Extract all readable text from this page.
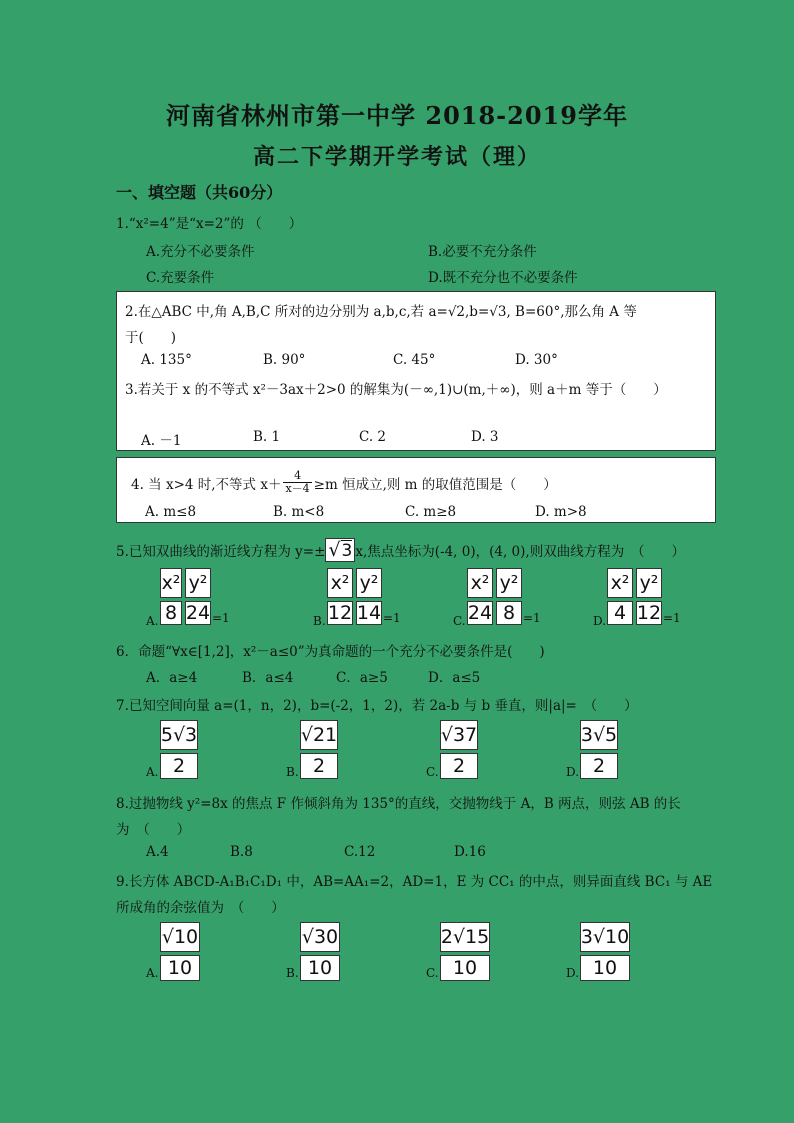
河南省林州市第一中学 2018-2019学年
高二下学期开学考试（理）
一、填空题（共60分）
1.“x²=4”是“x=2”的 （　　）
A.充分不必要条件	B.必要不充分条件
C.充要条件	D.既不充分也不必要条件
2.在△ABC 中,角 A,B,C 所对的边分别为 a,b,c,若 a=√2,b=√3, B=60°,那么角 A 等
于(　　)
A. 135°	B. 90°	C. 45°	D. 30°
3.若关于 x 的不等式 x²－3ax＋2>0 的解集为(－∞,1)∪(m,＋∞)，则 a＋m 等于（　　）
A. －1	B. 1	C. 2	D. 3
4. 当 x>4 时,不等式 $x+ \frac{4}{x-4} \ge m$ 恒成立,则 m 的取值范围是（　　）
A. m≤8	B. m<8	C. m≥8	D. m>8
5.已知双曲线的渐近线方程为 y=± √3 x,焦点坐标为(-4, 0)，(4, 0),则双曲线方程为　（　　）
A.
x²
$8 \frac{\text{y²}}{24} =1$	B.
x²
$12 \frac{\text{y²}}{14} =1$	C.
x²
$24 \frac{\text{y²}}{8} =1$	D.
x²
$4 \frac{\text{y²}}{12} =1$
6．命题“∀x∈[1,2]，x²－a≤0”为真命题的一个充分不必要条件是(　　)
A．a≥4	B．a≤4	C．a≥5	D．a≤5
7.已知空间向量 a=(1，n，2)，b=(-2，1，2)，若 2a-b 与 b 垂直，则|a|=　（　　）
A. $\frac{5√3}{2}$	B. $\frac{√21}{2}$	C. $\frac{√37}{2}$	D. $\frac{3√5}{2}$
8.过抛物线 y²=8x 的焦点 F 作倾斜角为 135°的直线，交抛物线于 A，B 两点，则弦 AB 的长
为　（　　）
A.4	B.8	C.12	D.16
9.长方体 ABCD-A₁B₁C₁D₁ 中，AB=AA₁=2，AD=1，E 为 CC₁ 的中点，则异面直线 BC₁ 与 AE
所成角的余弦值为　（　　）
A. $\frac{√10}{10}$	B. $\frac{√30}{10}$	C. $\frac{2√15}{10}$	D. $\frac{3√10}{10}$
